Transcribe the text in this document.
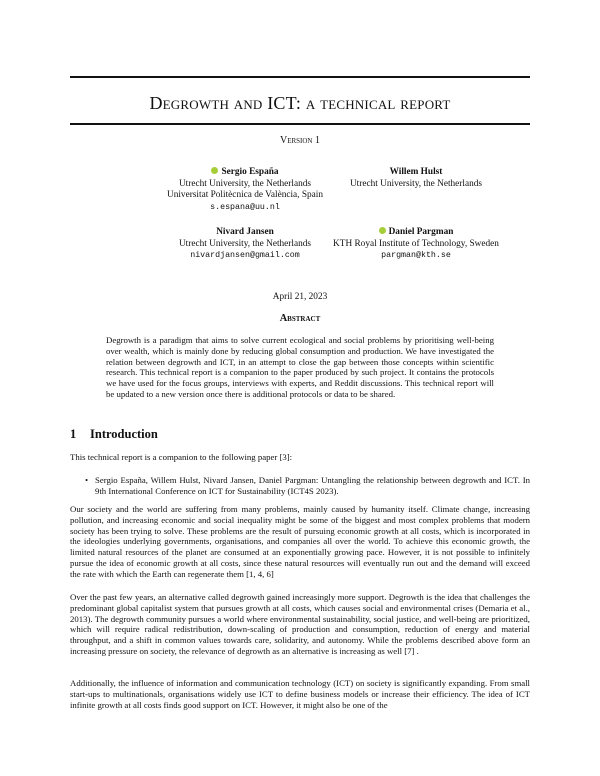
Degrowth and ICT: a technical report
Version 1
Sergio España
Utrecht University, the Netherlands
Universitat Politècnica de València, Spain
s.espana@uu.nl
Willem Hulst
Utrecht University, the Netherlands
Nivard Jansen
Utrecht University, the Netherlands
nivardjansen@gmail.com
Daniel Pargman
KTH Royal Institute of Technology, Sweden
pargman@kth.se
April 21, 2023
Abstract

Degrowth is a paradigm that aims to solve current ecological and social problems by prioritising well-being over wealth, which is mainly done by reducing global consumption and production. We have investigated the relation between degrowth and ICT, in an attempt to close the gap between those concepts within scientific research. This technical report is a companion to the paper produced by such project. It contains the protocols we have used for the focus groups, interviews with experts, and Reddit discussions. This technical report will be updated to a new version once there is additional protocols or data to be shared.

1 Introduction

This technical report is a companion to the following paper [3]:

• Sergio España, Willem Hulst, Nivard Jansen, Daniel Pargman: Untangling the relationship between degrowth and ICT. In 9th International Conference on ICT for Sustainability (ICT4S 2023).

Our society and the world are suffering from many problems, mainly caused by humanity itself. Climate change, increasing pollution, and increasing economic and social inequality might be some of the biggest and most complex problems that modern society has been trying to solve. These problems are the result of pursuing economic growth at all costs, which is incorporated in the ideologies underlying governments, organisations, and companies all over the world. To achieve this economic growth, the limited natural resources of the planet are consumed at an exponentially growing pace. However, it is not possible to infinitely pursue the idea of economic growth at all costs, since these natural resources will eventually run out and the demand will exceed the rate with which the Earth can regenerate them [1, 4, 6]

Over the past few years, an alternative called degrowth gained increasingly more support. Degrowth is the idea that challenges the predominant global capitalist system that pursues growth at all costs, which causes social and environmental crises (Demaria et al., 2013). The degrowth community pursues a world where environmental sustainability, social justice, and well-being are prioritized, which will require radical redistribution, down-scaling of production and consumption, reduction of energy and material throughput, and a shift in common values towards care, solidarity, and autonomy. While the problems described above form an increasing pressure on society, the relevance of degrowth as an alternative is increasing as well [7] .

Additionally, the influence of information and communication technology (ICT) on society is significantly expanding. From small start-ups to multinationals, organisations widely use ICT to define business models or increase their efficiency. The idea of ICT infinite growth at all costs finds good support on ICT. However, it might also be one of the
